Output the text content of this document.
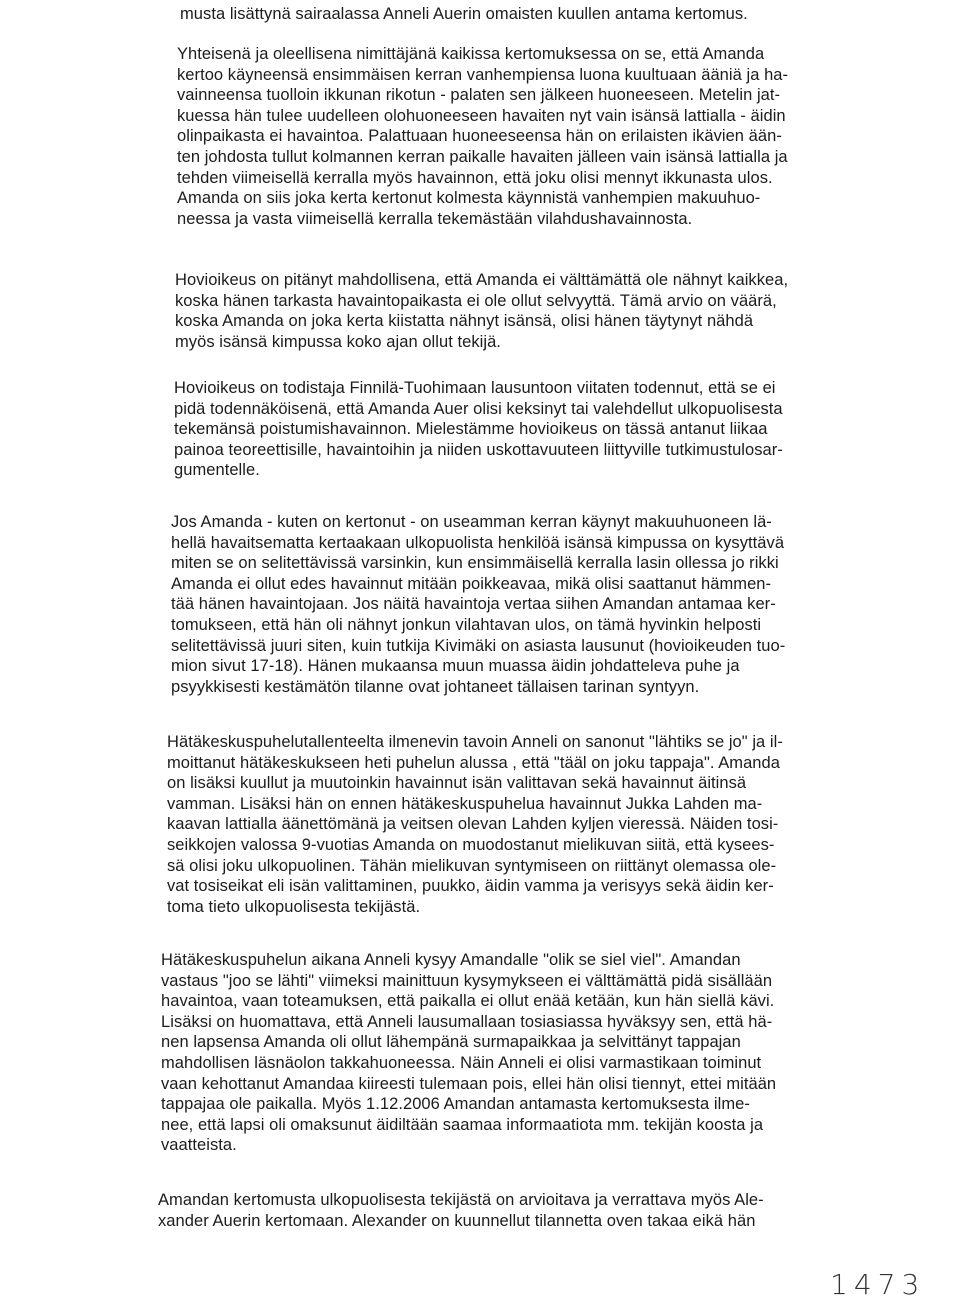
musta lisättynä sairaalassa Anneli Auerin omaisten kuullen antama kertomus.
Yhteisenä ja oleellisena nimittäjänä kaikissa kertomuksessa on se, että Amanda
kertoo käyneensä ensimmäisen kerran vanhempiensa luona kuultuaan ääniä ja ha-
vainneensa tuolloin ikkunan rikotun - palaten sen jälkeen huoneeseen. Metelin jat-
kuessa hän tulee uudelleen olohuoneeseen havaiten nyt vain isänsä lattialla - äidin
olinpaikasta ei havaintoa. Palattuaan huoneeseensa hän on erilaisten ikävien ään-
ten johdosta tullut kolmannen kerran paikalle havaiten jälleen vain isänsä lattialla ja
tehden viimeisellä kerralla myös havainnon, että joku olisi mennyt ikkunasta ulos.
Amanda on siis joka kerta kertonut kolmesta käynnistä vanhempien makuuhuo-
neessa ja vasta viimeisellä kerralla tekemästään vilahdushavainnosta.
Hovioikeus on pitänyt mahdollisena, että Amanda ei välttämättä ole nähnyt kaikkea,
koska hänen tarkasta havaintopaikasta ei ole ollut selvyyttä. Tämä arvio on väärä,
koska Amanda on joka kerta kiistatta nähnyt isänsä, olisi hänen täytynyt nähdä
myös isänsä kimpussa koko ajan ollut tekijä.
Hovioikeus on todistaja Finnilä-Tuohimaan lausuntoon viitaten todennut, että se ei
pidä todennäköisenä, että Amanda Auer olisi keksinyt tai valehdellut ulkopuolisesta
tekemänsä poistumishavainnon. Mielestämme hovioikeus on tässä antanut liikaa
painoa teoreettisille, havaintoihin ja niiden uskottavuuteen liittyville tutkimustulosar-
gumentelle.
Jos Amanda - kuten on kertonut - on useamman kerran käynyt makuuhuoneen lä-
hellä havaitsematta kertaakaan ulkopuolista henkilöä isänsä kimpussa on kysyttävä
miten se on selitettävissä varsinkin, kun ensimmäisellä kerralla lasin ollessa jo rikki
Amanda ei ollut edes havainnut mitään poikkeavaa, mikä olisi saattanut hämmen-
tää hänen havaintojaan. Jos näitä havaintoja vertaa siihen Amandan antamaa ker-
tomukseen, että hän oli nähnyt jonkun vilahtavan ulos, on tämä hyvinkin helposti
selitettävissä juuri siten, kuin tutkija Kivimäki on asiasta lausunut (hovioikeuden tuo-
mion sivut 17-18). Hänen mukaansa muun muassa äidin johdatteleva puhe ja
psyykkisesti kestämätön tilanne ovat johtaneet tällaisen tarinan syntyyn.
Hätäkeskuspuhelutallenteelta ilmenevin tavoin Anneli on sanonut "lähtiks se jo" ja il-
moittanut hätäkeskukseen heti puhelun alussa , että "tääl on joku tappaja". Amanda
on lisäksi kuullut ja muutoinkin havainnut isän valittavan sekä havainnut äitinsä
vamman. Lisäksi hän on ennen hätäkeskuspuhelua havainnut Jukka Lahden ma-
kaavan lattialla äänettömänä ja veitsen olevan Lahden kyljen vieressä. Näiden tosi-
seikkojen valossa 9-vuotias Amanda on muodostanut mielikuvan siitä, että kysees-
sä olisi joku ulkopuolinen. Tähän mielikuvan syntymiseen on riittänyt olemassa ole-
vat tosiseikat eli isän valittaminen, puukko, äidin vamma ja verisyys sekä äidin ker-
toma tieto ulkopuolisesta tekijästä.
Hätäkeskuspuhelun aikana Anneli kysyy Amandalle "olik se siel viel". Amandan
vastaus "joo se lähti" viimeksi mainittuun kysymykseen ei välttämättä pidä sisällään
havaintoa, vaan toteamuksen, että paikalla ei ollut enää ketään, kun hän siellä kävi.
Lisäksi on huomattava, että Anneli lausumallaan tosiasiassa hyväksyy sen, että hä-
nen lapsensa Amanda oli ollut lähempänä surmapaikkaa ja selvittänyt tappajan
mahdollisen läsnäolon takkahuoneessa. Näin Anneli ei olisi varmastikaan toiminut
vaan kehottanut Amandaa kiireesti tulemaan pois, ellei hän olisi tiennyt, ettei mitään
tappajaa ole paikalla. Myös 1.12.2006 Amandan antamasta kertomuksesta ilme-
nee, että lapsi oli omaksunut äidiltään saamaa informaatiota mm. tekijän koosta ja
vaatteista.
Amandan kertomusta ulkopuolisesta tekijästä on arvioitava ja verrattava myös Ale-
xander Auerin kertomaan. Alexander on kuunnellut tilannetta oven takaa eikä hän
1473
